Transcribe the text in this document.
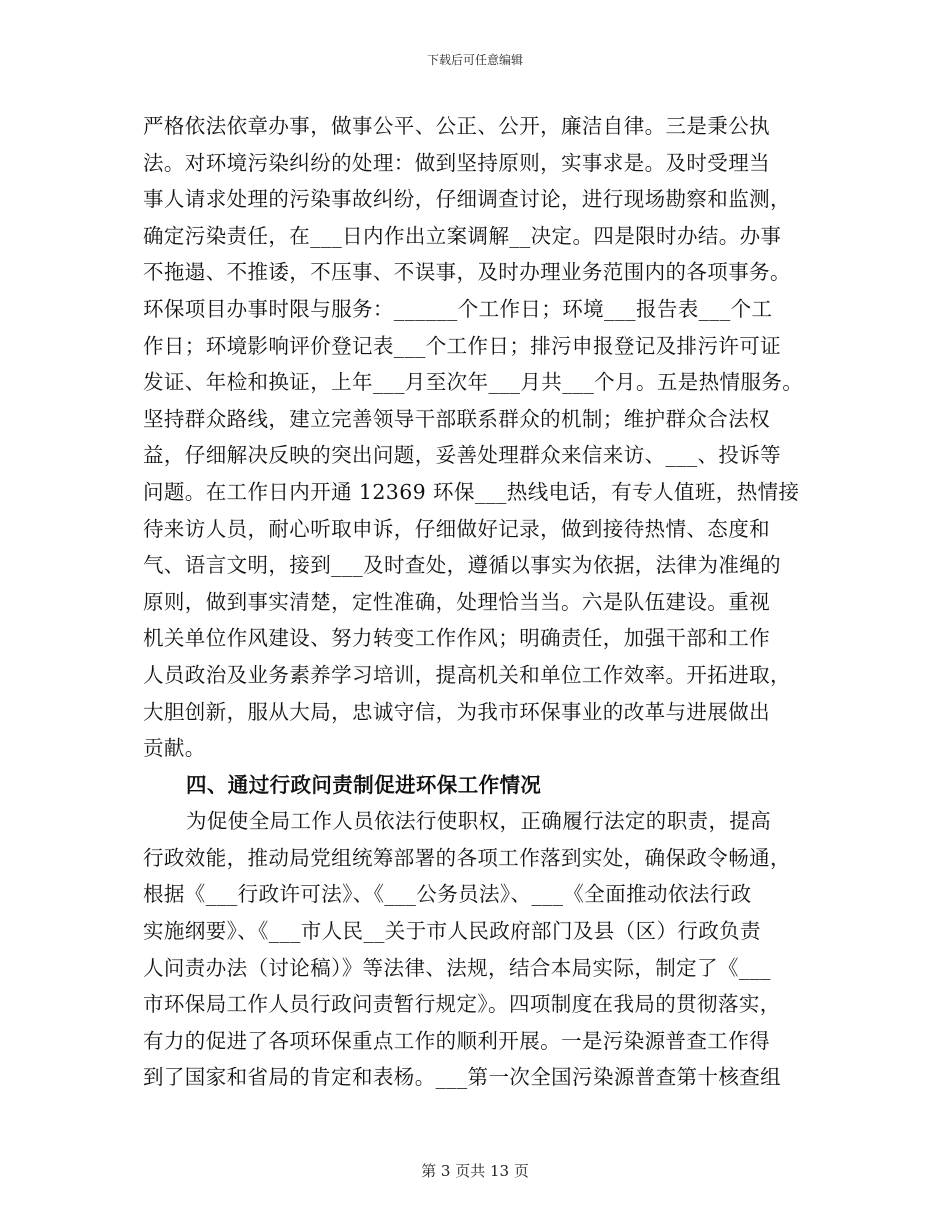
下载后可任意编辑
严格依法依章办事，做事公平、公正、公开，廉洁自律。三是秉公执
法。对环境污染纠纷的处理：做到坚持原则，实事求是。及时受理当
事人请求处理的污染事故纠纷，仔细调查讨论，进行现场勘察和监测，
确定污染责任，在___日内作出立案调解__决定。四是限时办结。办事
不拖遢、不推诿，不压事、不误事，及时办理业务范围内的各项事务。
环保项目办事时限与服务：______个工作日；环境___报告表___个工
作日；环境影响评价登记表___个工作日；排污申报登记及排污许可证
发证、年检和换证，上年___月至次年___月共___个月。五是热情服务。
坚持群众路线，建立完善领导干部联系群众的机制；维护群众合法权
益，仔细解决反映的突出问题，妥善处理群众来信来访、___、投诉等
问题。在工作日内开通 12369 环保___热线电话，有专人值班，热情接
待来访人员，耐心听取申诉，仔细做好记录，做到接待热情、态度和
气、语言文明，接到___及时查处，遵循以事实为依据，法律为准绳的
原则，做到事实清楚，定性准确，处理恰当当。六是队伍建设。重视
机关单位作风建设、努力转变工作作风；明确责任，加强干部和工作
人员政治及业务素养学习培训，提高机关和单位工作效率。开拓进取，
大胆创新，服从大局，忠诚守信，为我市环保事业的改革与进展做出
贡献。
四、通过行政问责制促进环保工作情况
为促使全局工作人员依法行使职权，正确履行法定的职责，提高
行政效能，推动局党组统筹部署的各项工作落到实处，确保政令畅通，
根据《___行政许可法》、《___公务员法》、___《全面推动依法行政
实施纲要》、《___市人民__关于市人民政府部门及县（区）行政负责
人问责办法（讨论稿）》等法律、法规，结合本局实际，制定了《___
市环保局工作人员行政问责暂行规定》。四项制度在我局的贯彻落实，
有力的促进了各项环保重点工作的顺利开展。一是污染源普查工作得
到了国家和省局的肯定和表杨。___第一次全国污染源普查第十核查组
第 3 页共 13 页
